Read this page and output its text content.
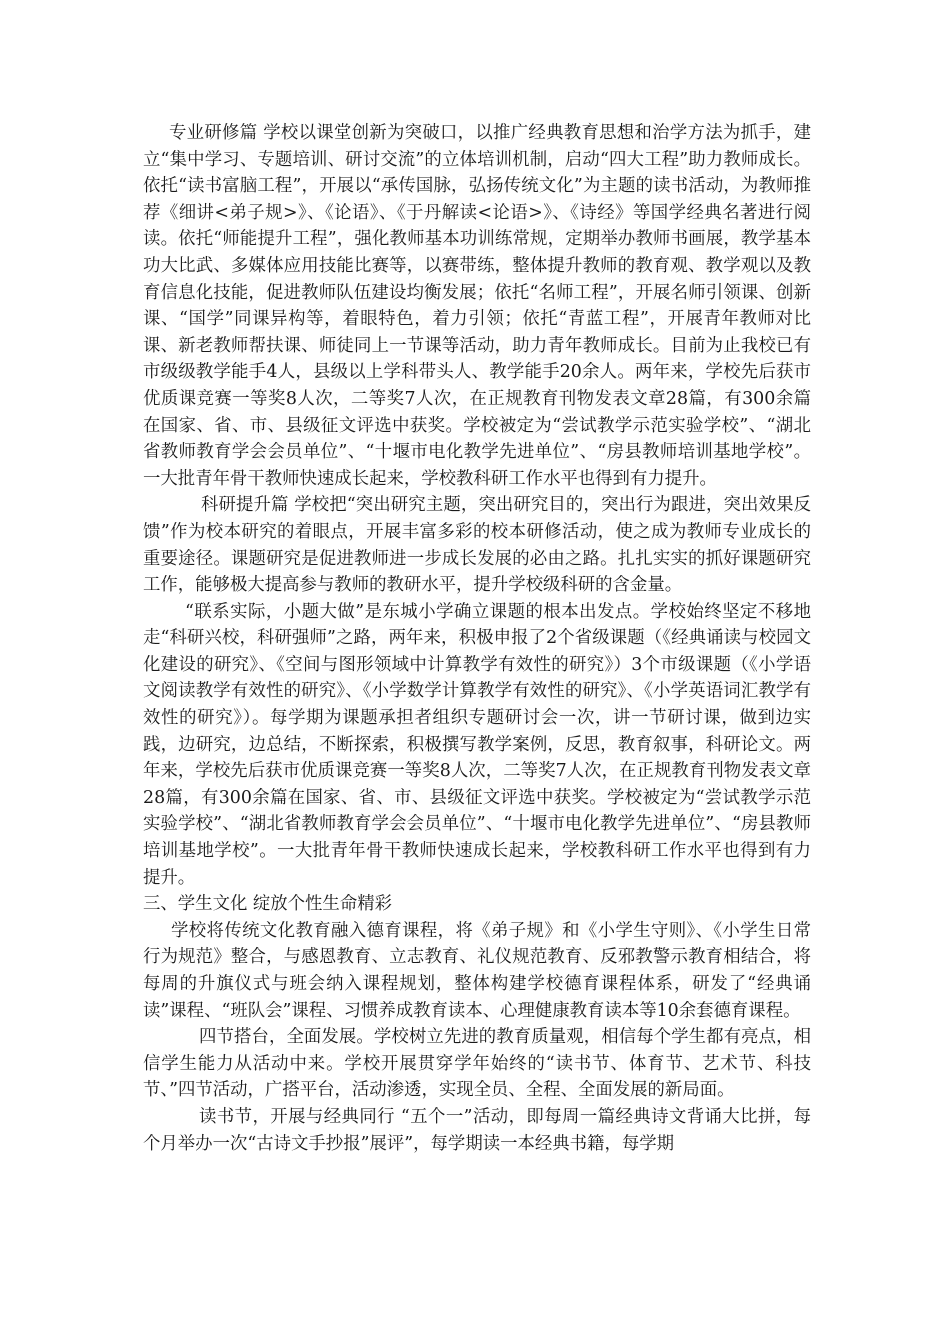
专业研修篇 学校以课堂创新为突破口，以推广经典教育思想和治学方法为抓手，建立“集中学习、专题培训、研讨交流”的立体培训机制，启动“四大工程”助力教师成长。依托“读书富脑工程”，开展以“承传国脉，弘扬传统文化”为主题的读书活动，为教师推荐《细讲<弟子规>》、《论语》、《于丹解读<论语>》、《诗经》等国学经典名著进行阅读。依托“师能提升工程”，强化教师基本功训练常规，定期举办教师书画展，教学基本功大比武、多媒体应用技能比赛等，以赛带练，整体提升教师的教育观、教学观以及教育信息化技能，促进教师队伍建设均衡发展；依托“名师工程”，开展名师引领课、创新课、“国学”同课异构等，着眼特色，着力引领；依托“青蓝工程”，开展青年教师对比课、新老教师帮扶课、师徒同上一节课等活动，助力青年教师成长。目前为止我校已有市级级教学能手4人，县级以上学科带头人、教学能手20余人。两年来，学校先后获市优质课竞赛一等奖8人次，二等奖7人次，在正规教育刊物发表文章28篇，有300余篇在国家、省、市、县级征文评选中获奖。学校被定为“尝试教学示范实验学校”、“湖北省教师教育学会会员单位”、“十堰市电化教学先进单位”、“房县教师培训基地学校”。一大批青年骨干教师快速成长起来，学校教科研工作水平也得到有力提升。

科研提升篇 学校把“突出研究主题，突出研究目的，突出行为跟进，突出效果反馈”作为校本研究的着眼点，开展丰富多彩的校本研修活动，使之成为教师专业成长的重要途径。课题研究是促进教师进一步成长发展的必由之路。扎扎实实的抓好课题研究工作，能够极大提高参与教师的教研水平，提升学校级科研的含金量。

“联系实际，小题大做”是东城小学确立课题的根本出发点。学校始终坚定不移地走“科研兴校，科研强师”之路，两年来，积极申报了2个省级课题（《经典诵读与校园文化建设的研究》、《空间与图形领域中计算教学有效性的研究》）3个市级课题（《小学语文阅读教学有效性的研究》、《小学数学计算教学有效性的研究》、《小学英语词汇教学有效性的研究》）。每学期为课题承担者组织专题研讨会一次，讲一节研讨课，做到边实践，边研究，边总结，不断探索，积极撰写教学案例，反思，教育叙事，科研论文。两年来，学校先后获市优质课竞赛一等奖8人次，二等奖7人次，在正规教育刊物发表文章28篇，有300余篇在国家、省、市、县级征文评选中获奖。学校被定为“尝试教学示范实验学校”、“湖北省教师教育学会会员单位”、“十堰市电化教学先进单位”、“房县教师培训基地学校”。一大批青年骨干教师快速成长起来，学校教科研工作水平也得到有力提升。

三、学生文化 绽放个性生命精彩

学校将传统文化教育融入德育课程，将《弟子规》和《小学生守则》、《小学生日常行为规范》整合，与感恩教育、立志教育、礼仪规范教育、反邪教警示教育相结合，将每周的升旗仪式与班会纳入课程规划，整体构建学校德育课程体系，研发了“经典诵读”课程、“班队会”课程、习惯养成教育读本、心理健康教育读本等10余套德育课程。

四节搭台，全面发展。学校树立先进的教育质量观，相信每个学生都有亮点，相信学生能力从活动中来。学校开展贯穿学年始终的“读书节、体育节、艺术节、科技节、”四节活动，广搭平台，活动渗透，实现全员、全程、全面发展的新局面。

读书节，开展与经典同行 “五个一”活动，即每周一篇经典诗文背诵大比拼，每个月举办一次“古诗文手抄报”展评”，每学期读一本经典书籍，每学期
